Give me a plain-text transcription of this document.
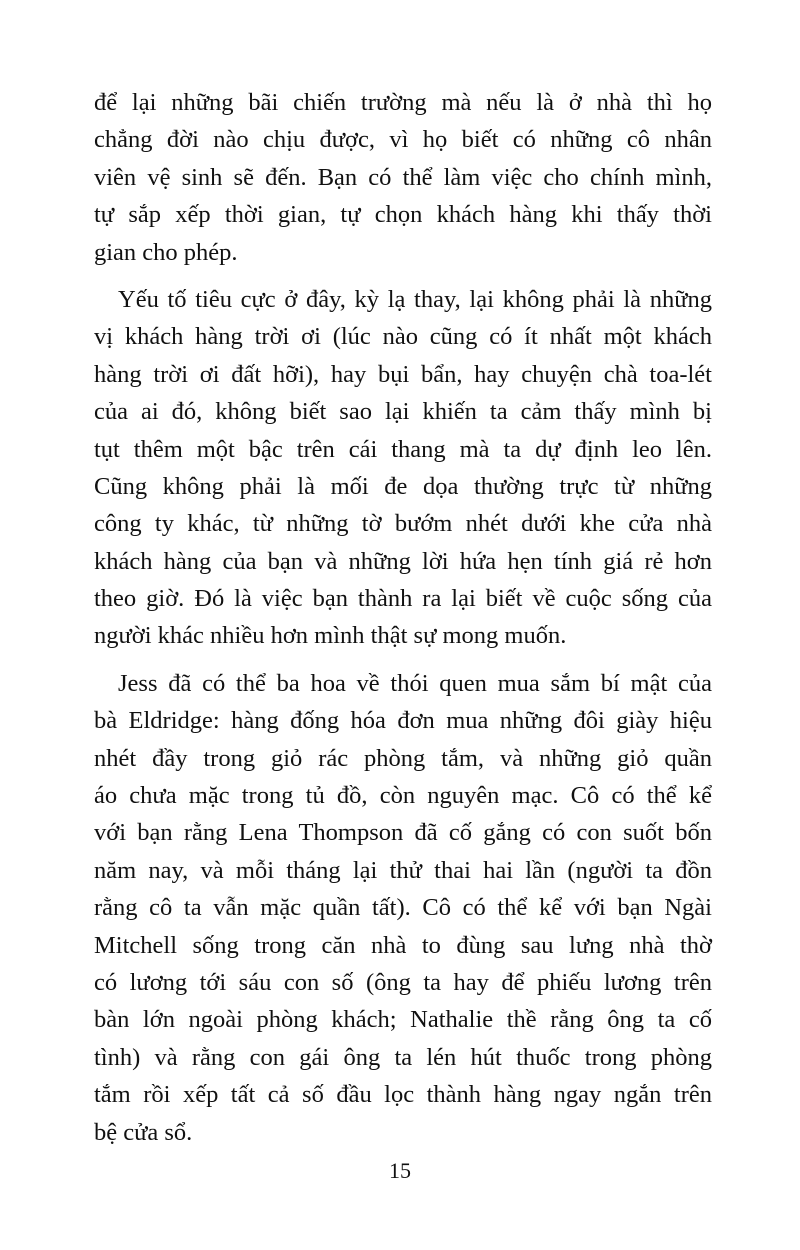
để lại những bãi chiến trường mà nếu là ở nhà thì họ
chẳng đời nào chịu được, vì họ biết có những cô nhân
viên vệ sinh sẽ đến. Bạn có thể làm việc cho chính mình,
tự sắp xếp thời gian, tự chọn khách hàng khi thấy thời
gian cho phép.

Yếu tố tiêu cực ở đây, kỳ lạ thay, lại không phải là những
vị khách hàng trời ơi (lúc nào cũng có ít nhất một khách
hàng trời ơi đất hỡi), hay bụi bẩn, hay chuyện chà toa-lét
của ai đó, không biết sao lại khiến ta cảm thấy mình bị
tụt thêm một bậc trên cái thang mà ta dự định leo lên.
Cũng không phải là mối đe dọa thường trực từ những
công ty khác, từ những tờ bướm nhét dưới khe cửa nhà
khách hàng của bạn và những lời hứa hẹn tính giá rẻ hơn
theo giờ. Đó là việc bạn thành ra lại biết về cuộc sống của
người khác nhiều hơn mình thật sự mong muốn.

Jess đã có thể ba hoa về thói quen mua sắm bí mật của
bà Eldridge: hàng đống hóa đơn mua những đôi giày hiệu
nhét đầy trong giỏ rác phòng tắm, và những giỏ quần
áo chưa mặc trong tủ đồ, còn nguyên mạc. Cô có thể kể
với bạn rằng Lena Thompson đã cố gắng có con suốt bốn
năm nay, và mỗi tháng lại thử thai hai lần (người ta đồn
rằng cô ta vẫn mặc quần tất). Cô có thể kể với bạn Ngài
Mitchell sống trong căn nhà to đùng sau lưng nhà thờ
có lương tới sáu con số (ông ta hay để phiếu lương trên
bàn lớn ngoài phòng khách; Nathalie thề rằng ông ta cố
tình) và rằng con gái ông ta lén hút thuốc trong phòng
tắm rồi xếp tất cả số đầu lọc thành hàng ngay ngắn trên
bệ cửa sổ.

15
